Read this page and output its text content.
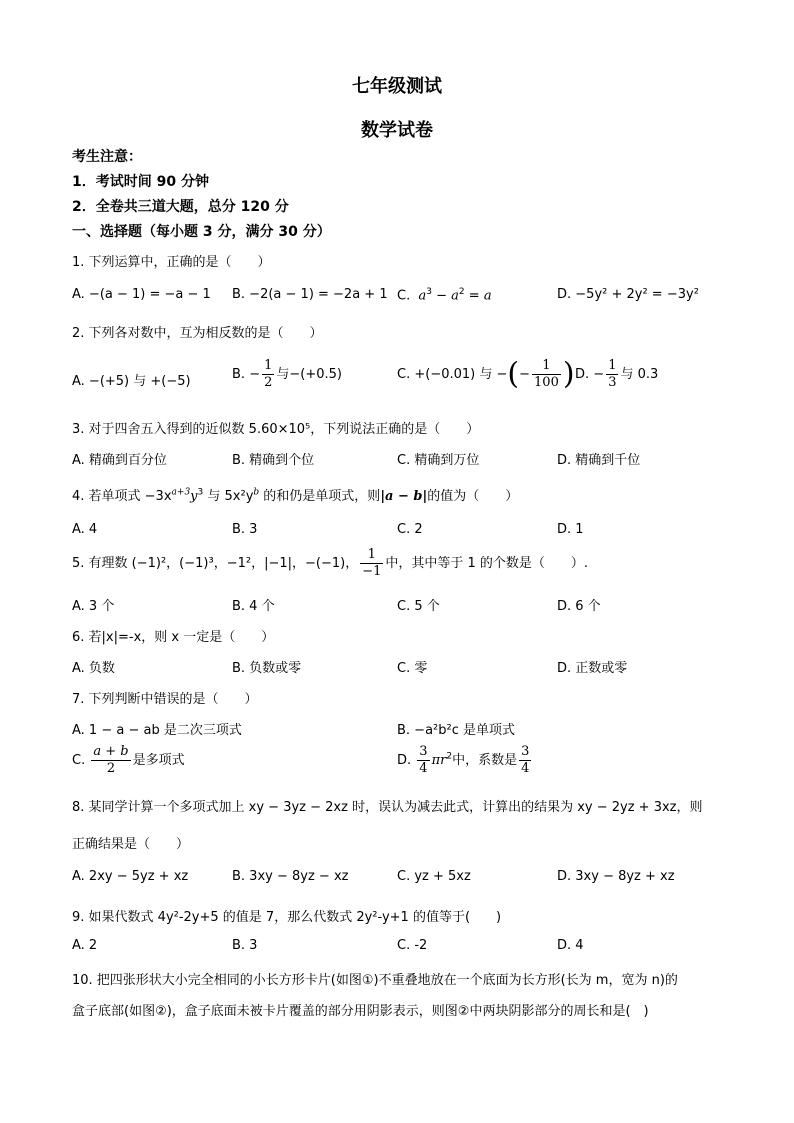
七年级测试
数学试卷
考生注意：
1．考试时间 90 分钟
2．全卷共三道大题，总分 120 分
一、选择题（每小题 3 分，满分 30 分）
1. 下列运算中，正确的是（　　）
A. −(a − 1) = −a − 1 B. −2(a − 1) = −2a + 1 C.  $a^3 - a^2 = a$	D. −5y² + 2y² = −3y²
2. 下列各对数中，互为相反数的是（　　）
A. −(+5) 与 +(−5)	B. − $\frac{1}{2}$ 与−(+0.5)	C. +(−0.01) 与 −(− $\frac{1}{100}$ ) D. − $\frac{1}{3}$ 与 0.3
3. 对于四舍五入得到的近似数 5.60×10⁵，下列说法正确的是（　　）
A. 精确到百分位	B. 精确到个位	C. 精确到万位	D. 精确到千位
4. 若单项式 $-3x^{a+3}y^3$ 与 $5x^2y^b$ 的和仍是单项式，则|a − b|的值为（　　）
A. 4	B. 3	C. 2	D. 1
5. 有理数 (−1)²，(−1)³，−1²，|−1|，−(−1)， $\frac{1}{-1}$ 中，其中等于 1 的个数是（　　）.
A. 3 个	B. 4 个	C. 5 个	D. 6 个
6. 若|x|=-x，则 x 一定是（　　）
A. 负数	B. 负数或零	C. 零	D. 正数或零
7. 下列判断中错误的是（　　）
A. 1 − a − ab 是二次三项式	B. −a²b²c 是单项式
C. $\frac{a + b}{2}$ 是多项式	D. $\frac{3}{4} \pi r^2$中，系数是 $\frac{3}{4}$
8. 某同学计算一个多项式加上 xy − 3yz − 2xz 时，误认为减去此式，计算出的结果为 xy − 2yz + 3xz，则
正确结果是（　　）
A. 2xy − 5yz + xz	B. 3xy − 8yz − xz	C. yz + 5xz	D. 3xy − 8yz + xz
9. 如果代数式 4y²-2y+5 的值是 7，那么代数式 2y²-y+1 的值等于(　　)
A. 2	B. 3	C. -2	D. 4
10. 把四张形状大小完全相同的小长方形卡片(如图①)不重叠地放在一个底面为长方形(长为 m，宽为 n)的
盒子底部(如图②)，盒子底面未被卡片覆盖的部分用阴影表示，则图②中两块阴影部分的周长和是(　)
